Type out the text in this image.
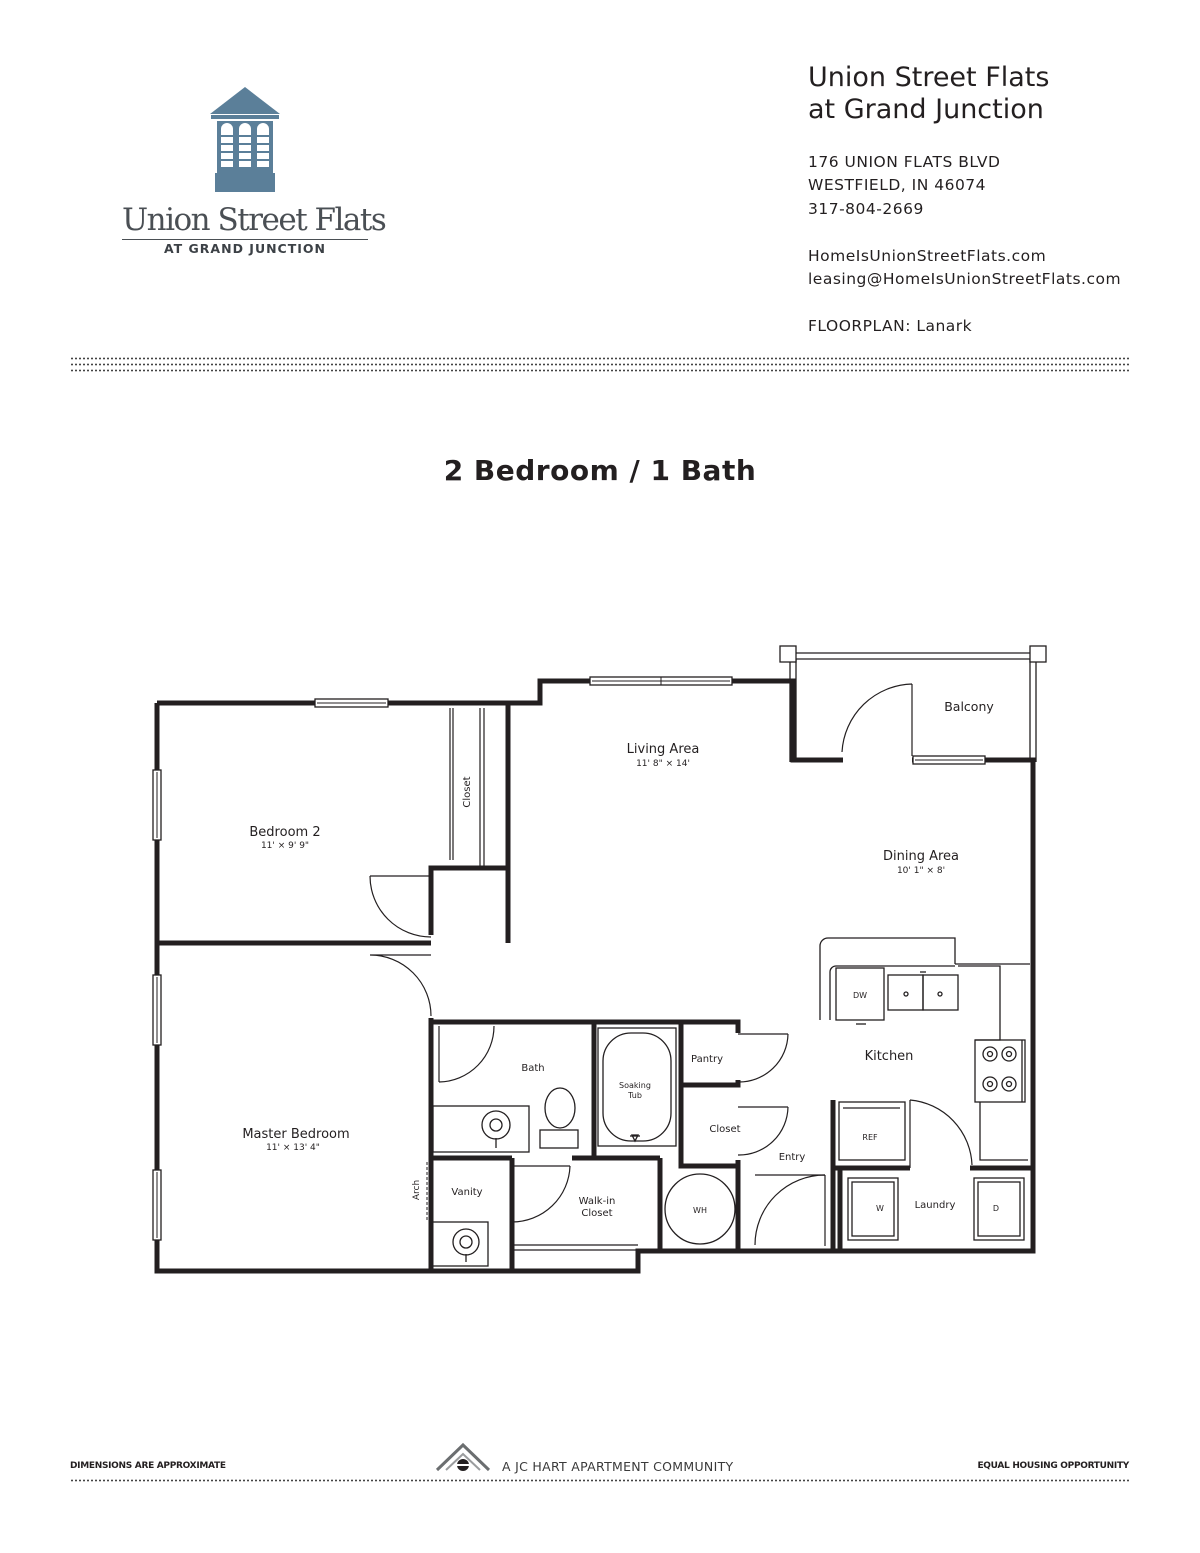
Union Street Flats
AT GRAND JUNCTION
Union Street Flats
at Grand Junction
176 UNION FLATS BLVD
WESTFIELD, IN 46074
317-804-2669
HomeIsUnionStreetFlats.com
leasing@HomeIsUnionStreetFlats.com
FLOORPLAN: Lanark
2 Bedroom / 1 Bath
Living Area
11' 8" × 14'
Bedroom 2
11' × 9' 9"
Dining Area
10' 1" × 8'
Master Bedroom
11' × 13' 4"
Balcony
Closet
Kitchen
Bath
Soaking
Tub
Pantry
Closet
Entry
Vanity
Arch
Walk-in
Closet
Laundry
DW
REF
WH	W	D
DIMENSIONS ARE APPROXIMATE	A JC HART APARTMENT COMMUNITY	EQUAL HOUSING OPPORTUNITY
